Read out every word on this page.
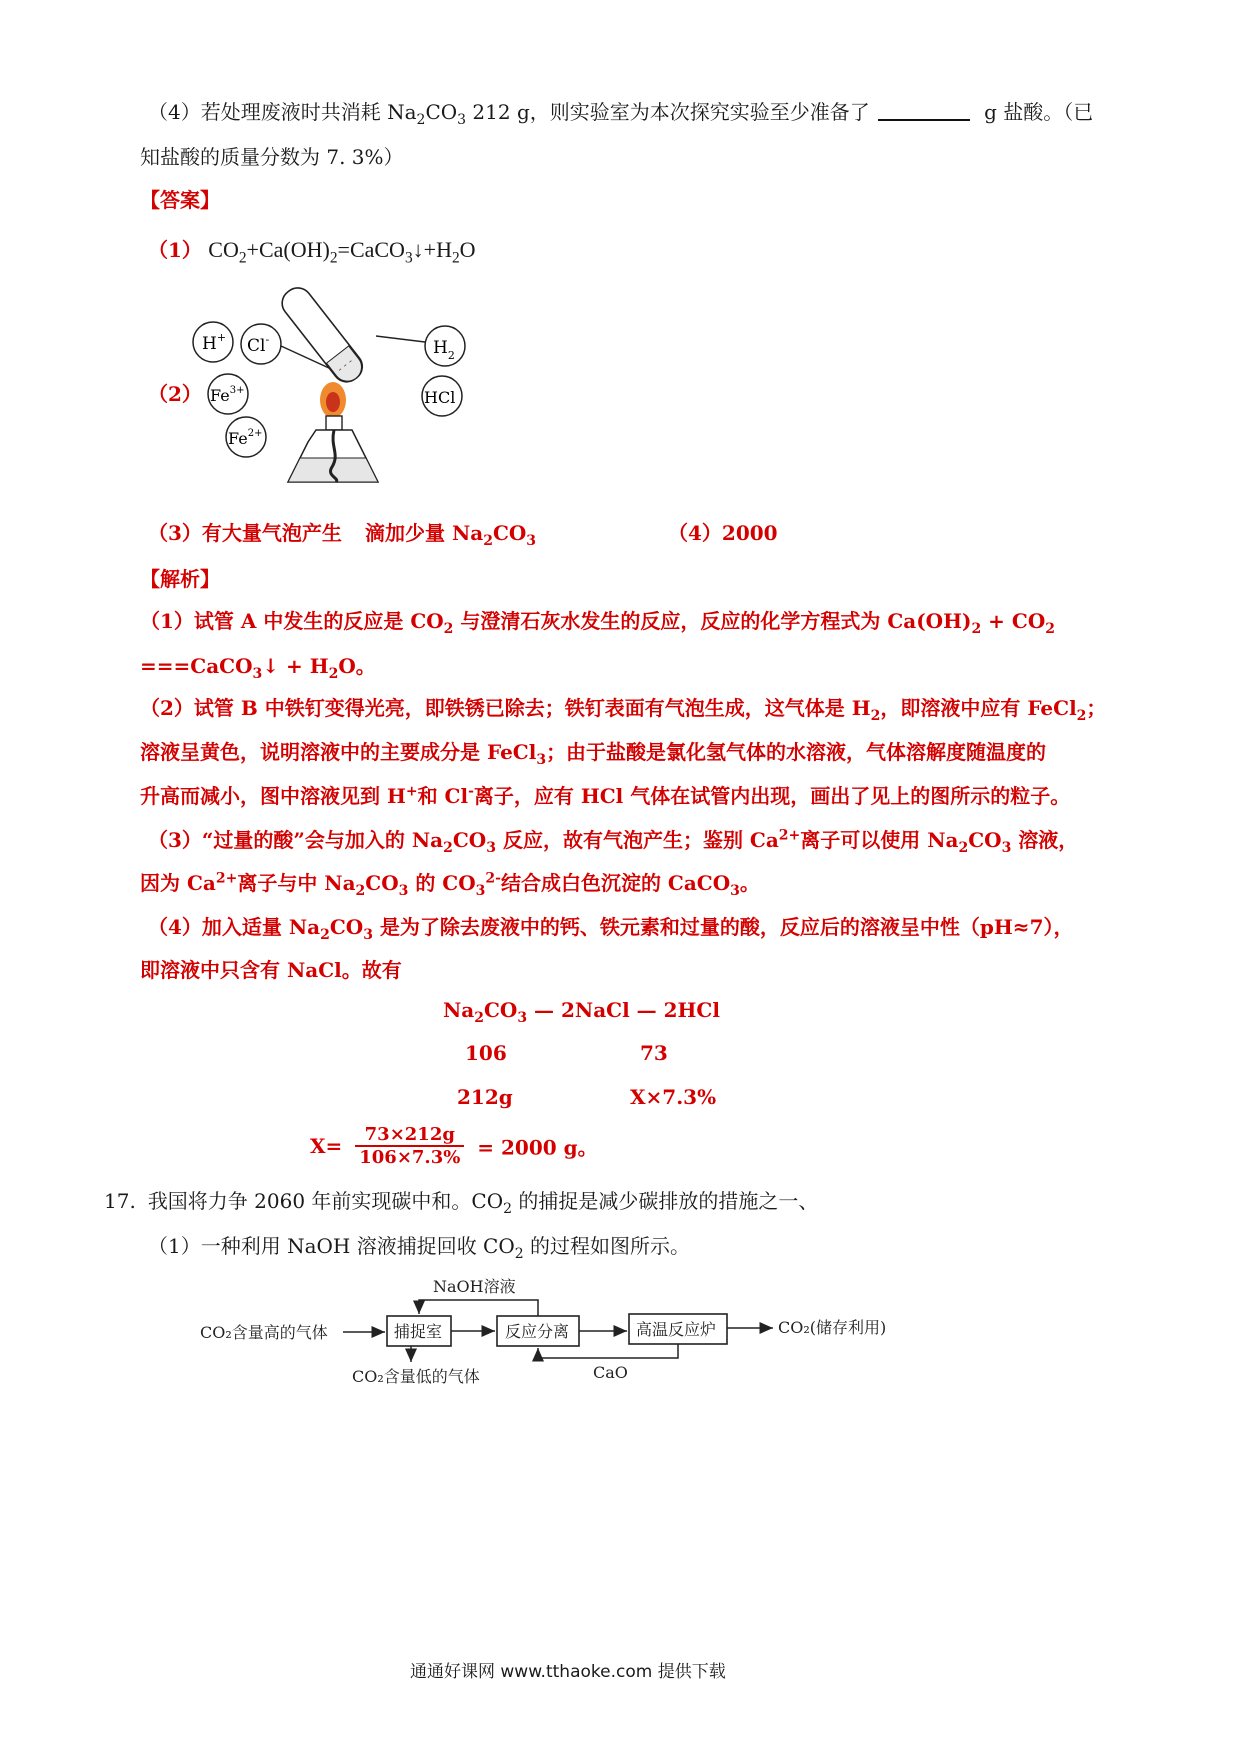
（4）若处理废液时共消耗 $Na_2CO_3$ 212 g，则实验室为本次探究实验至少准备了	g 盐酸。（已
知盐酸的质量分数为 7. 3%）
【答案】
（1） $CO_2+Ca(OH)_2=CaCO_3↓+H_2O$
（2）
H+ Cl-
$Fe^{3+}$
$Fe^{2+}$
$H_2$
HCl
- - -
（3）有大量气泡产生 滴加少量 $Na_2CO_3$	（4）2000
【解析】
（1）试管 A 中发生的反应是 $CO_2$ 与澄清石灰水发生的反应，反应的化学方程式为 $Ca(OH)_2 + CO_2$
===CaCO$_3$↓ + $H_2O$。
（2）试管 B 中铁钉变得光亮，即铁锈已除去；铁钉表面有气泡生成，这气体是 $H_2$，即溶液中应有 FeCl$_2$；
溶液呈黄色，说明溶液中的主要成分是 FeCl$_3$；由于盐酸是氯化氢气体的水溶液，气体溶解度随温度的
升高而减小，图中溶液见到 H+和 Cl-离子，应有 HCl 气体在试管内出现，画出了见上的图所示的粒子。
（3）“过量的酸”会与加入的 $Na_2CO_3$ 反应，故有气泡产生；鉴别 $Ca^{2+}$离子可以使用 $Na_2CO_3$ 溶液，
因为 $Ca^{2+}$离子与中 $Na_2CO_3$ 的 $CO_3^{2-}$结合成白色沉淀的 CaCO$_3$。
（4）加入适量 $Na_2CO_3$ 是为了除去废液中的钙、铁元素和过量的酸，反应后的溶液呈中性（pH≈7），
即溶液中只含有 NaCl。故有
$Na_2CO_3$ — 2NaCl — 2HCl
106	73
212g	X×7.3%
$X= \frac{73\times 212g}{106\times 7.3\%} = 2000$ g。
17. 我国将力争 2060 年前实现碳中和。$CO_2$ 的捕捉是减少碳排放的措施之一、
（1）一种利用 NaOH 溶液捕捉回收 $CO_2$ 的过程如图所示。
CO₂含量高的气体	捕捉室	反应分离	高温反应炉	CO₂(储存利用)
NaOH溶液
CaO
CO₂含量低的气体
通通好课网 www.tthaoke.com 提供下载
